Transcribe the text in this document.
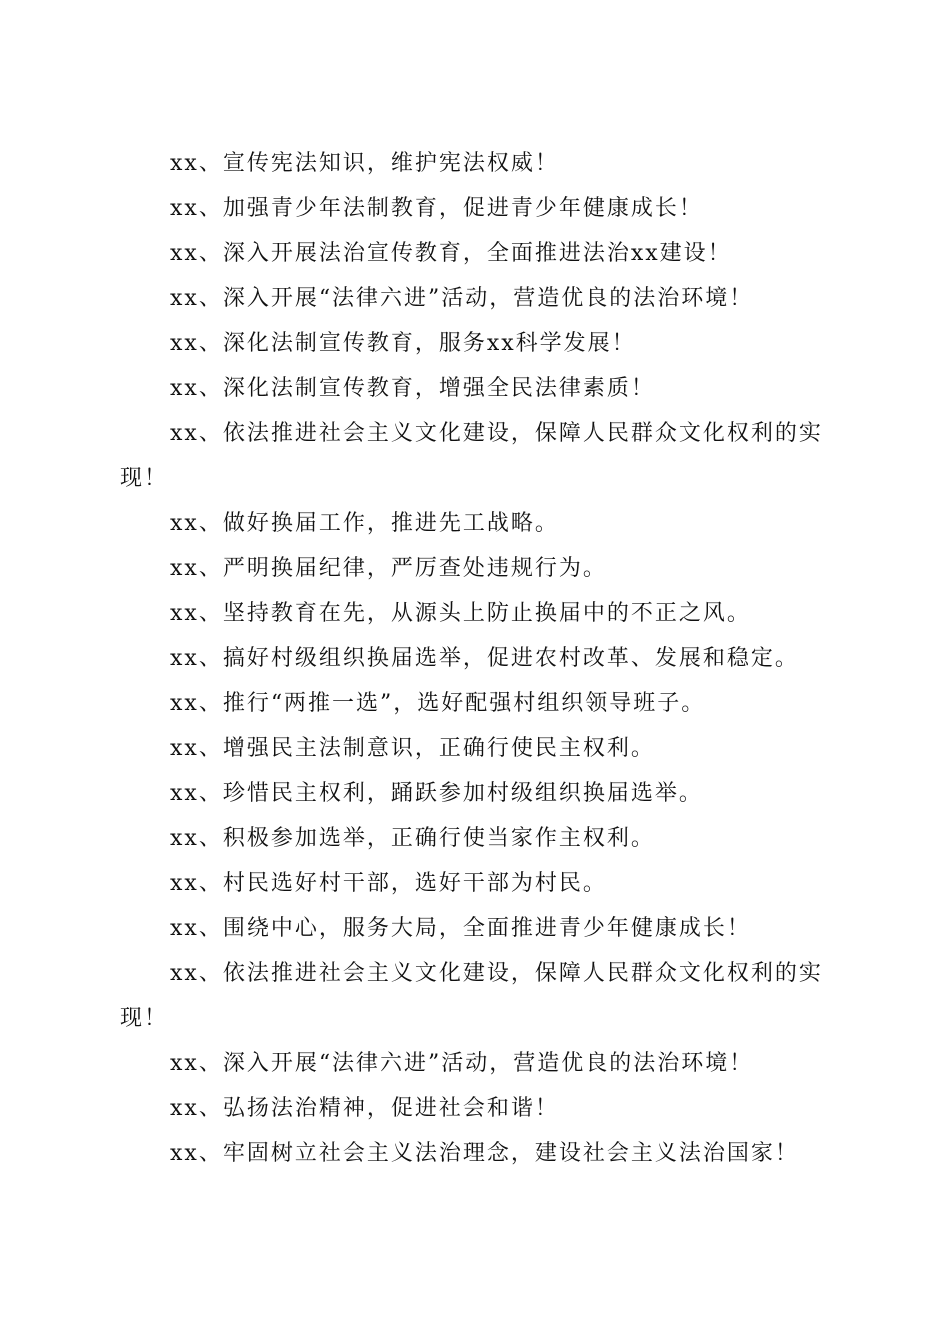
xx、宣传宪法知识，维护宪法权威！

xx、加强青少年法制教育，促进青少年健康成长！

xx、深入开展法治宣传教育，全面推进法治xx建设！

xx、深入开展“法律六进”活动，营造优良的法治环境！

xx、深化法制宣传教育，服务xx科学发展！

xx、深化法制宣传教育，增强全民法律素质！

xx、依法推进社会主义文化建设，保障人民群众文化权利的实现！

xx、做好换届工作，推进先工战略。

xx、严明换届纪律，严厉查处违规行为。

xx、坚持教育在先，从源头上防止换届中的不正之风。

xx、搞好村级组织换届选举，促进农村改革、发展和稳定。

xx、推行“两推一选”，选好配强村组织领导班子。

xx、增强民主法制意识，正确行使民主权利。

xx、珍惜民主权利，踊跃参加村级组织换届选举。

xx、积极参加选举，正确行使当家作主权利。

xx、村民选好村干部，选好干部为村民。

xx、围绕中心，服务大局，全面推进青少年健康成长！

xx、依法推进社会主义文化建设，保障人民群众文化权利的实现！

xx、深入开展“法律六进”活动，营造优良的法治环境！

xx、弘扬法治精神，促进社会和谐！

xx、牢固树立社会主义法治理念，建设社会主义法治国家！
